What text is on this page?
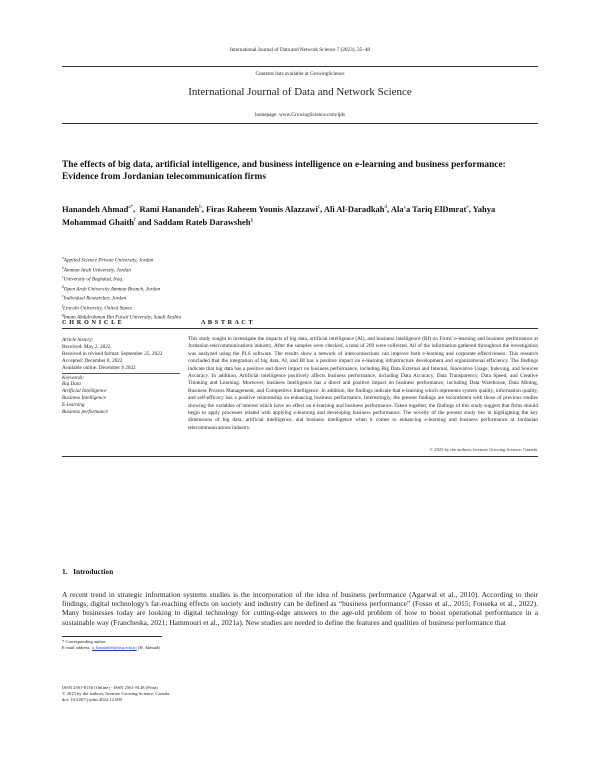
International Journal of Data and Network Science 7 (2023), 35–48
Contents lists available at GrowingScience
International Journal of Data and Network Science
homepage: www.GrowingScience.com/ijds
The effects of big data, artificial intelligence, and business intelligence on e-learning and business performance: Evidence from Jordanian telecommunication firms
Hanandeh Ahmad$^{a*}$,  Rami Hanandeh$^b$, Firas Raheem Younis Alazzawi$^c$, Ali Al-Daradkah$^d$, Ala'a Tariq ElDmrat$^e$, Yahya Mohammad Ghaith$^f$ and Saddam Rateb Darawsheh$^g$
$^a$Applied Science Private University, Jordan
$^b$Amman Arab University, Jordan
$^c$University of Baghdad, Iraq
$^d$Open Arab University Amman Branch, Jordan
$^e$Individual Researcher, Jordan
$^f$Lincoln University, United States
$^g$Imam Abdulrahman Bin Faisal University, Saudi Arabia
C H R O N I C L E	A B S T R A C T
Article history:
Received: May 2, 2022
Received in revised format: September 25, 2022
Accepted: December 8, 2022
Available online: December 8 2022
Keywords:
Big Data
Artificial Intelligence
Business Intelligence
E-learning
Business performance
This study sought to investigate the impacts of big data, artificial intelligence (AI), and business intelligence (BI) on Firms' e-learning and business performance at Jordanian telecommunications industry. After the samples were checked, a total of 269 were collected. All of the information gathered throughout the investigation was analyzed using the PLS software. The results show a network of interconnections can improve both e-learning and corporate effectiveness. This research concluded that the integration of big data, AI, and BI has a positive impact on e-learning infrastructure development and organizational efficiency. The findings indicate that big data has a positive and direct impact on business performance, including Big Data External and Internal, Innovative Usage, Indexing, and Sources Accuracy. In addition, Artificial intelligence positively affects business performance, including Data Accuracy, Data Transparency, Data Speed, and Creative Thinking and Learning. Moreover, business intelligence has a direct and positive impact on business performance, including Data Warehouse, Data Mining, Business Process Management, and Competitive Intelligence. In addition, the findings indicate that e-learning which represents system quality, information quality, and self-efficacy has a positive relationship on enhancing business performance. Interestingly, the present findings are inconsistent with those of previous studies showing the variables of interest which have no effect on e-learning and business performance. Taken together, the findings of this study suggest that firms should begin to apply processes related with applying e-learning and developing business performance. The novelty of the present study lies in highlighting the key dimensions of big data, artificial intelligence, and business intelligence when it comes to enhancing e-learning and business performance at Jordanian telecommunications industry.
© 2023 by the authors; licensee Growing Science, Canada.
1.   Introduction
A recent trend in strategic information systems studies is the incorporation of the idea of business performance (Agarwal et al., 2010). According to their findings, digital technology's far-reaching effects on society and industry can be defined as “business performance” (Fosso et al., 2015; Fonseka et al., 2022). Many businesses today are looking to digital technology for cutting-edge answers to the age-old problem of how to boost operational performance in a sustainable way (Francheska, 2021; Hammouri et al., 2021a). New studies are needed to define the features and qualities of business performance that
* Corresponding author.
E-mail address: a_hanandeh@asu.edu.jo (H. Ahmad)
ISSN 2561-8156 (Online) - ISSN 2561-8148 (Print)
© 2023 by the authors; licensee Growing Science, Canada.
doi: 10.5267/j.ijdns.2022.12.009
